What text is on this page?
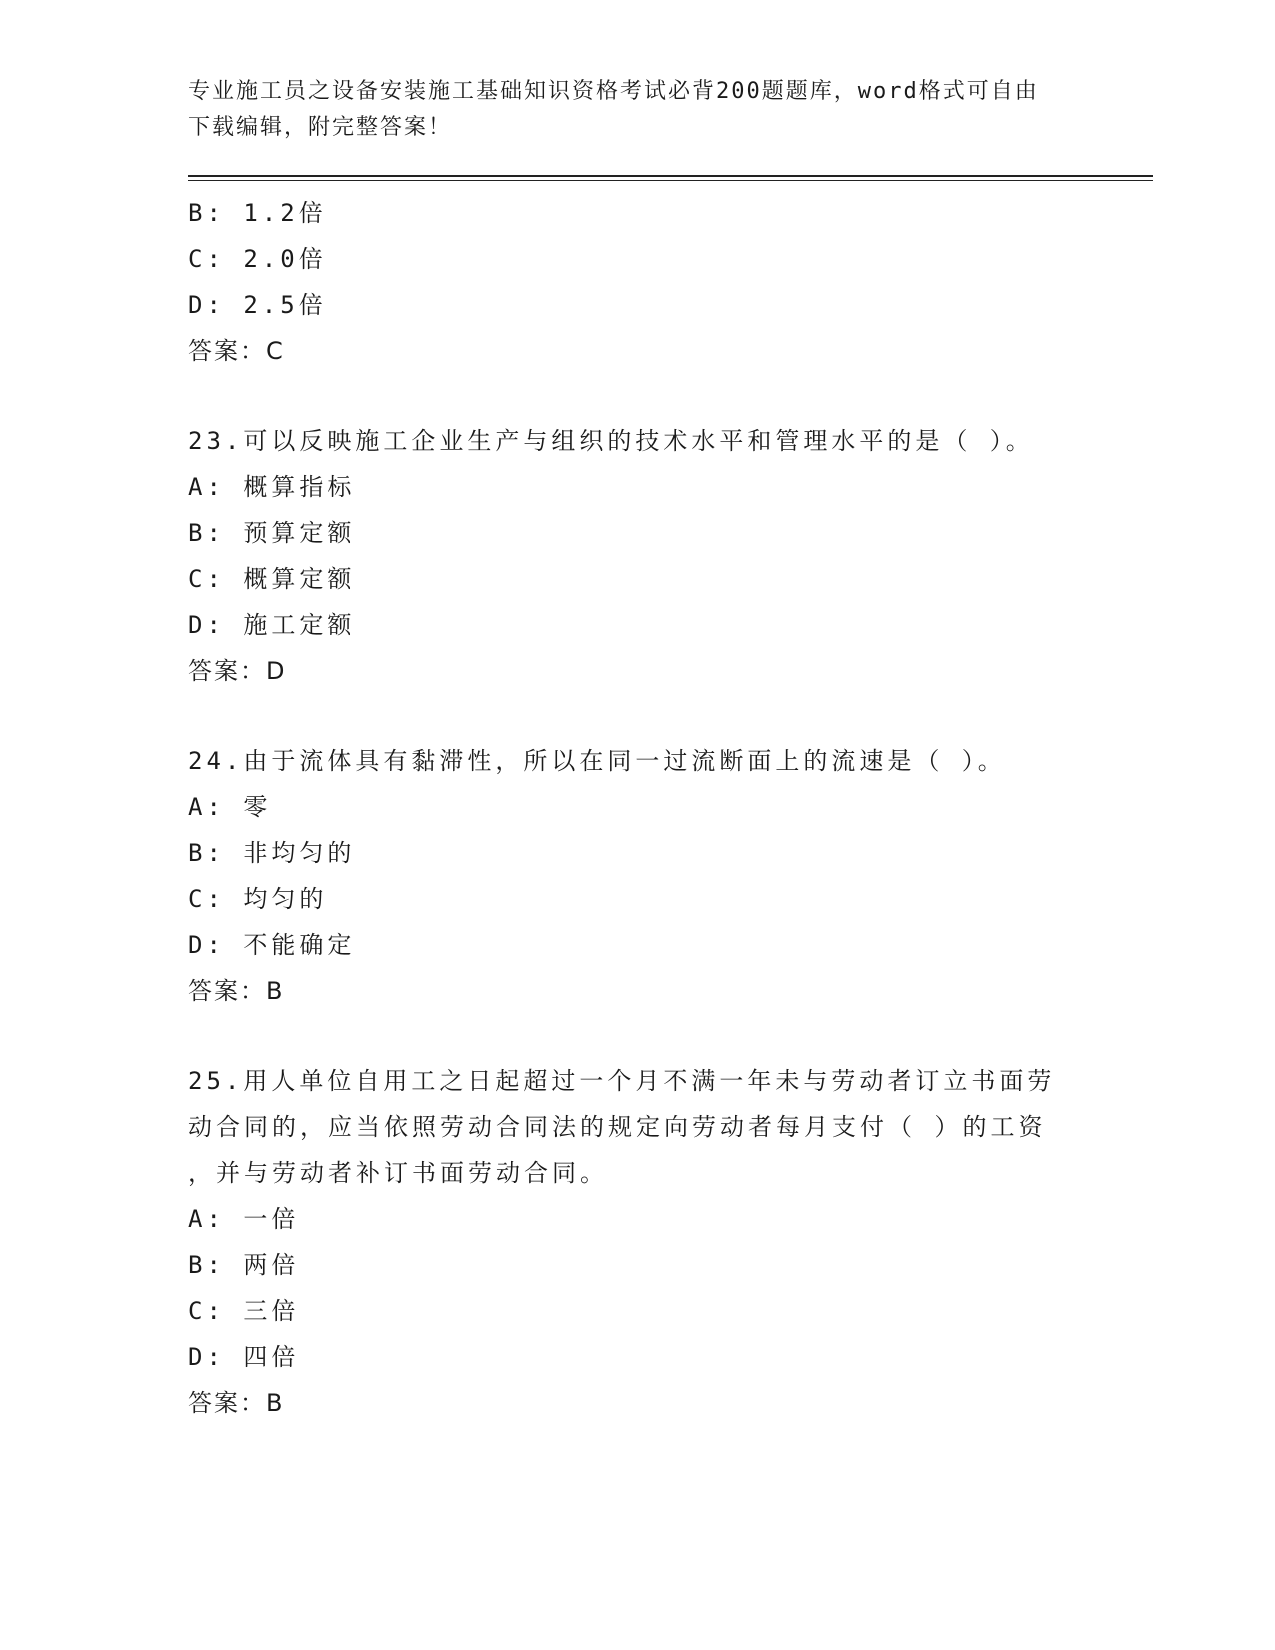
专业施工员之设备安装施工基础知识资格考试必背200题题库，word格式可自由
下载编辑，附完整答案！
B: 1.2倍
C: 2.0倍
D: 2.5倍
答案：C
23.可以反映施工企业生产与组织的技术水平和管理水平的是（ ）。
A: 概算指标
B: 预算定额
C: 概算定额
D: 施工定额
答案：D
24.由于流体具有黏滞性，所以在同一过流断面上的流速是（ ）。
A: 零
B: 非均匀的
C: 均匀的
D: 不能确定
答案：B
25.用人单位自用工之日起超过一个月不满一年未与劳动者订立书面劳
动合同的，应当依照劳动合同法的规定向劳动者每月支付（ ）的工资
，并与劳动者补订书面劳动合同。
A: 一倍
B: 两倍
C: 三倍
D: 四倍
答案：B
